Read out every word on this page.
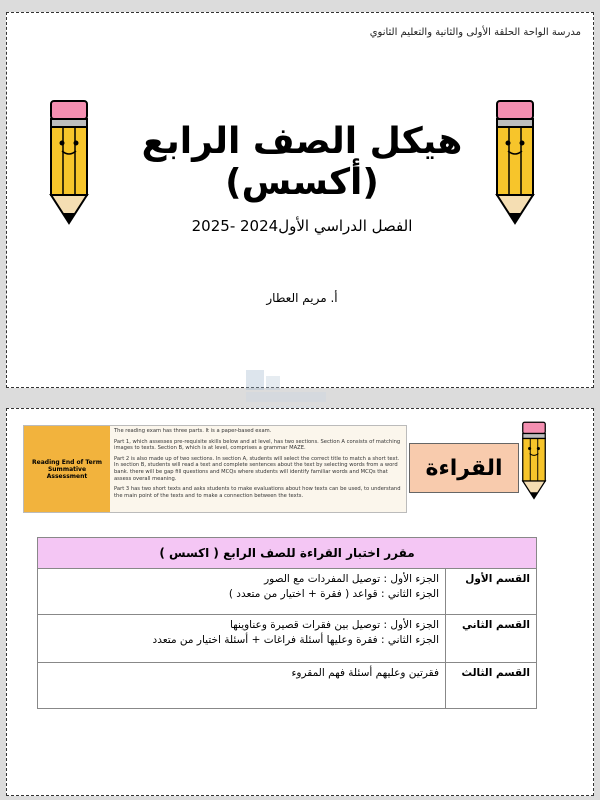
مدرسة الواحة الحلقة الأولى والثانية والتعليم الثانوي
هيكل الصف الرابع (أكسس)
الفصل الدراسي الأول2024 -2025
أ. مريم العطار
Reading End of Term Summative Assessment

The reading exam has three parts. It is a paper-based exam.

Part 1, which assesses pre-requisite skills below and at level, has two sections. Section A consists of matching images to texts. Section B, which is at level, comprises a grammar MAZE.

Part 2 is also made up of two sections. In section A, students will select the correct title to match a short text. In section B, students will read a text and complete sentences about the text by selecting words from a word bank. there will be gap fill questions and MCQs where students will identify familiar words and MCQs that assess overall meaning.

Part 3 has two short texts and asks students to make evaluations about how texts can be used, to understand the main point of the texts and to make a connection between the texts.

القراءة
مقرر اختبار القراءة للصف الرابع ( اكسس )	
القسم الأول	الجزء الأول : توصيل المفردات مع الصور
الجزء الثاني : قواعد ( فقرة + اختيار من متعدد )

القسم الثاني	الجزء الأول : توصيل بين فقرات قصيرة وعناوينها
الجزء الثاني : فقرة وعليها أسئلة فراغات + أسئلة اختيار من متعدد

القسم الثالث	فقرتين وعليهم أسئلة فهم المقروء
